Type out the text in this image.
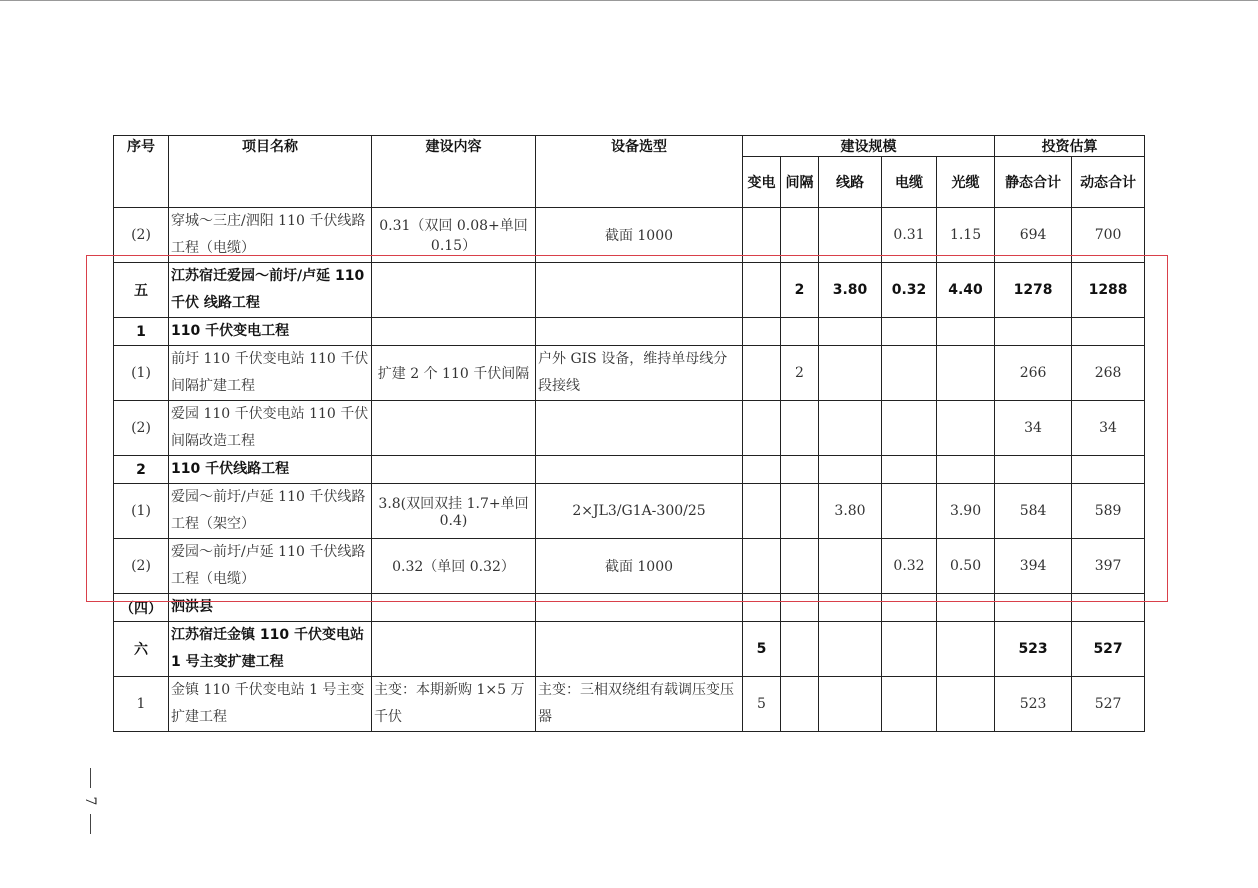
序号	项目名称	建设内容	设备选型	建设规模					投资估算	
				变电	间隔	线路	电缆	光缆	静态合计	动态合计
(2)	穿城～三庄/泗阳 110 千伏线路工程（电缆）	0.31（双回 0.08+单回 0.15）	截面 1000				0.31	1.15	694	700
五	江苏宿迁爱园～前圩/卢延 110 千伏 线路工程				2	3.80	0.32	4.40	1278	1288
1	110 千伏变电工程									
(1)	前圩 110 千伏变电站 110 千伏间隔扩建工程	扩建 2 个 110 千伏间隔	户外 GIS 设备，维持单母线分段接线		2				266	268
(2)	爱园 110 千伏变电站 110 千伏间隔改造工程								34	34
2	110 千伏线路工程									
(1)	爱园～前圩/卢延 110 千伏线路工程（架空）	3.8(双回双挂 1.7+单回 0.4)	2×JL3/G1A-300/25			3.80		3.90	584	589
(2)	爱园～前圩/卢延 110 千伏线路工程（电缆）	0.32（单回 0.32）	截面 1000				0.32	0.50	394	397
（四）	泗洪县									
六	江苏宿迁金镇 110 千伏变电站 1 号主变扩建工程			5					523	527
1	金镇 110 千伏变电站 1 号主变扩建工程	主变：本期新购 1×5 万千伏	主变：三相双绕组有载调压变压器	5					523	527
7
